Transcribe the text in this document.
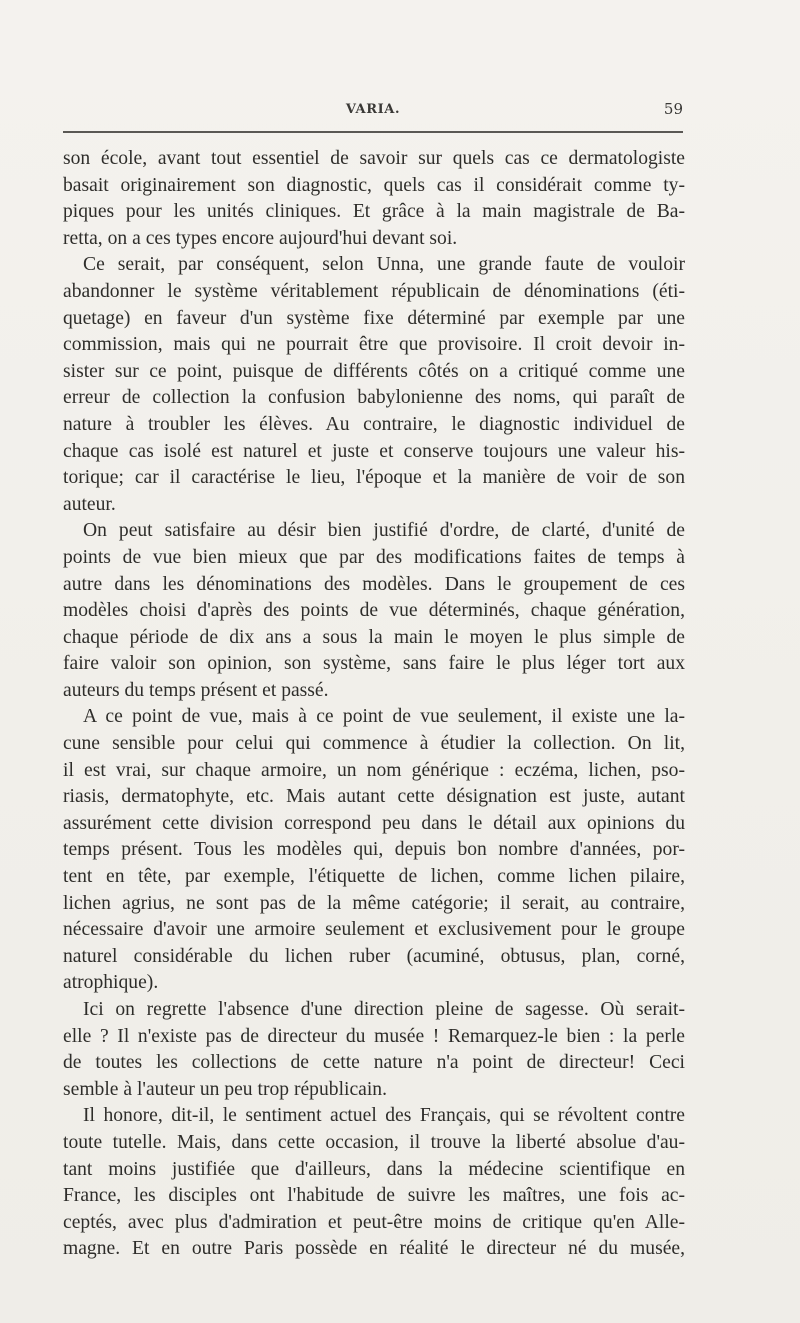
VARIA.	59
son école, avant tout essentiel de savoir sur quels cas ce dermatologiste
basait originairement son diagnostic, quels cas il considérait comme ty-
piques pour les unités cliniques. Et grâce à la main magistrale de Ba-
retta, on a ces types encore aujourd'hui devant soi.
Ce serait, par conséquent, selon Unna, une grande faute de vouloir
abandonner le système véritablement républicain de dénominations (éti-
quetage) en faveur d'un système fixe déterminé par exemple par une
commission, mais qui ne pourrait être que provisoire. Il croit devoir in-
sister sur ce point, puisque de différents côtés on a critiqué comme une
erreur de collection la confusion babylonienne des noms, qui paraît de
nature à troubler les élèves. Au contraire, le diagnostic individuel de
chaque cas isolé est naturel et juste et conserve toujours une valeur his-
torique; car il caractérise le lieu, l'époque et la manière de voir de son
auteur.
On peut satisfaire au désir bien justifié d'ordre, de clarté, d'unité de
points de vue bien mieux que par des modifications faites de temps à
autre dans les dénominations des modèles. Dans le groupement de ces
modèles choisi d'après des points de vue déterminés, chaque génération,
chaque période de dix ans a sous la main le moyen le plus simple de
faire valoir son opinion, son système, sans faire le plus léger tort aux
auteurs du temps présent et passé.
A ce point de vue, mais à ce point de vue seulement, il existe une la-
cune sensible pour celui qui commence à étudier la collection. On lit,
il est vrai, sur chaque armoire, un nom générique : eczéma, lichen, pso-
riasis, dermatophyte, etc. Mais autant cette désignation est juste, autant
assurément cette division correspond peu dans le détail aux opinions du
temps présent. Tous les modèles qui, depuis bon nombre d'années, por-
tent en tête, par exemple, l'étiquette de lichen, comme lichen pilaire,
lichen agrius, ne sont pas de la même catégorie; il serait, au contraire,
nécessaire d'avoir une armoire seulement et exclusivement pour le groupe
naturel considérable du lichen ruber (acuminé, obtusus, plan, corné,
atrophique).
Ici on regrette l'absence d'une direction pleine de sagesse. Où serait-
elle ? Il n'existe pas de directeur du musée ! Remarquez-le bien : la perle
de toutes les collections de cette nature n'a point de directeur! Ceci
semble à l'auteur un peu trop républicain.
Il honore, dit-il, le sentiment actuel des Français, qui se révoltent contre
toute tutelle. Mais, dans cette occasion, il trouve la liberté absolue d'au-
tant moins justifiée que d'ailleurs, dans la médecine scientifique en
France, les disciples ont l'habitude de suivre les maîtres, une fois ac-
ceptés, avec plus d'admiration et peut-être moins de critique qu'en Alle-
magne. Et en outre Paris possède en réalité le directeur né du musée,
